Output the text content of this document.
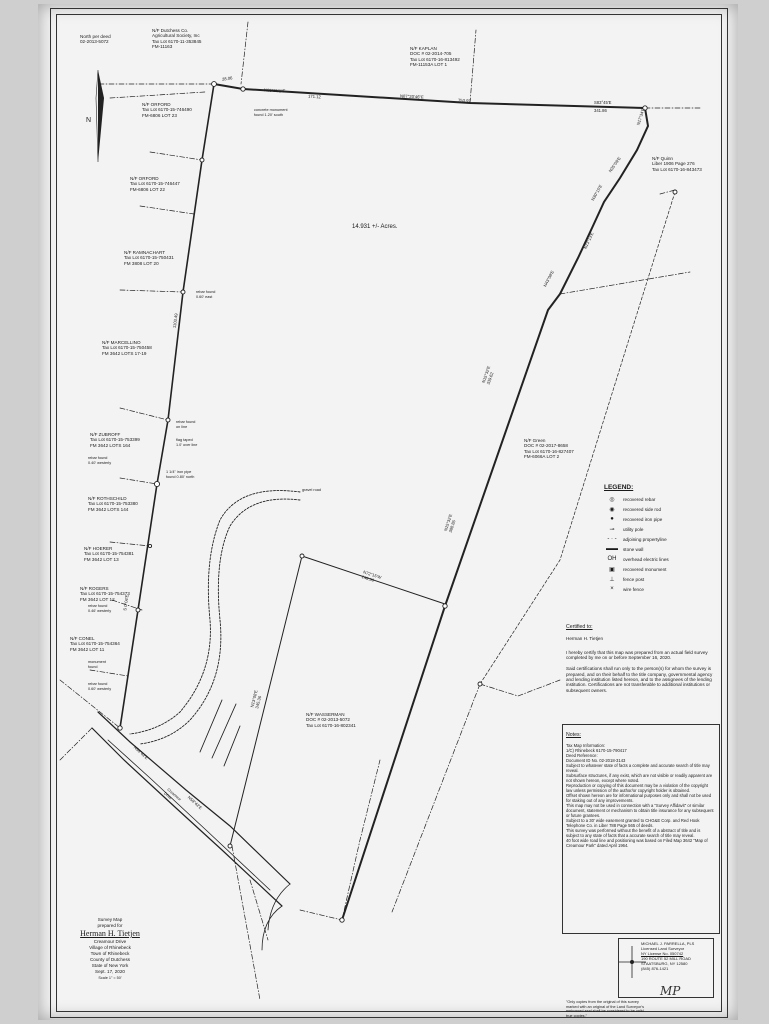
N
North per deed
02-2013-5072
14.931 +/- Acres.
N/F Dutchess Co.
Agricultural Society, Inc
Tax Lot 6170-11-353845
FM-11163	N/F KAPLAN
DOC # 02-2014-705
Tax Lot 6170-16-813492
FM-11153A LOT 1
N/F ORFORD
Tax Lot 6170-15-746490
FM-6806 LOT 23
N/F ORFORD
Tax Lot 6170-15-746447
FM-6806 LOT 22
N/F Quinn
Liber 1906 Page 276
Tax Lot 6170-16-843473
N/F RAMNACHART
Tax Lot 6170-15-750431
FM 3808 LOT 20
N/F MARCELLINO
Tax Lot 6170-15-750458
FM 3642 LOTS 17-19
N/F ZUBROFF
Tax Lot 6170-15-753399
FM 3642 LOTS 164
N/F Green
DOC # 02-2017-8658
Tax Lot 6170-16-827407
FM-6066A LOT 2
N/F ROTHSCHILD
Tax Lot 6170-15-753380
FM 3642 LOTS 144
N/F HOERER
Tax Lot 6170-15-754381
FM 3642 LOT 13
N/F ROGERS
Tax Lot 6170-15-754373
FM 3642 LOT 12
N/F CONEL
Tax Lot 6170-15-754364
FM 3642 LOT 11
N/F WASSERMAN
DOC # 02-2013-5072
Tax Lot 6170-16-802341
28.06
N89°21'1"E
171.12	N87°20'46"E
753.97	S83°45'E
341.86
1103.49
S 0°04'E
N17°34'E
N35°09'E
N30°15'E
N23°13'E
N43°08'E
N15°32'E
339.62
N15°32'E
388.86
N72°15'W
148.59
N13°08'E
345.36
N58°42'E
N58°42'E
concrete monument
found 1.20' south
rebar found
0.60' east
rebar found
on line
flag taped
1.0' over line
1 1/4" iron pipe
found 0.80' north
rebar found
0.40' westerly
rebar found
0.46' westerly
rebar found
0.60' westerly
monument
found
gravel road
Creamour
Drive
LEGEND:
◎	recovered rebar
◉	recovered side rod
●	recovered iron pipe
⊸	utility pole
- · -	adjoining propertyline
▬▬	stone wall
OH	overhead electric lines
▣	recovered monument
⊥	fence post
×	wire fence

Certified to:

Herman H. Tietjen

I hereby certify that this map was prepared from an actual field survey completed by me on or before September 16, 2020.

Said certifications shall run only to the person(s) for whom the survey is prepared, and on their behalf to the title company, governmental agency and lending institution listed hereon, and to the assignees of the lending institution. Certifications are not transferable to additional institutions or subsequent owners.

Notes:

Tax Map Information:
1/C) Rhinebeck 6170-15-790417
Deed Reference:
Document ID No. 02-2018-3143
Subject to whatever state of facts a complete and accurate search of title may reveal.
Subsurface structures, if any exist, which are not visible or readily apparent are not shown hereon, except where noted.
Reproduction or copying of this document may be a violation of the copyright law unless permission of the author/or copyright holder is obtained.
Offset shown hereon are for informational purposes only and shall not be used for staking out of any improvements.
This map may not be used in connection with a "Survey Affidavit" or similar document, statement or mechanism to obtain title insurance for any subsequent or future grantees.
Subject to a 30' wide easement granted to CHG&E Corp. and Red Hook Telephone Co. in Liber 788 Page 565 of deeds.
This survey was performed without the benefit of a abstract of title and is subject to any state of facts that a accurate search of title may reveal.
40 foot wide road line and positioning was based on Filed Map 3642 "Map of Creamour Park" dated April 1964.

Survey Map
prepared for
Herman H. Tietjen
Creamour Drive
Village of Rhinebeck
Town of Rhinebeck
County of Dutchess
State of New York
Sept. 17, 2020
Scale 1" = 50'
MICHAEL J. PARRELLA, PLS
Licensed Land Surveyor
NY License No. 050742
190 ROUTE 52 MILL ROAD
STAATSBURG, NY 12580
(845) 876-1421
MP
"Only copies from the original of this survey marked with an original of the Land Surveyor's embossed seal shall be considered to be valid true copies."
